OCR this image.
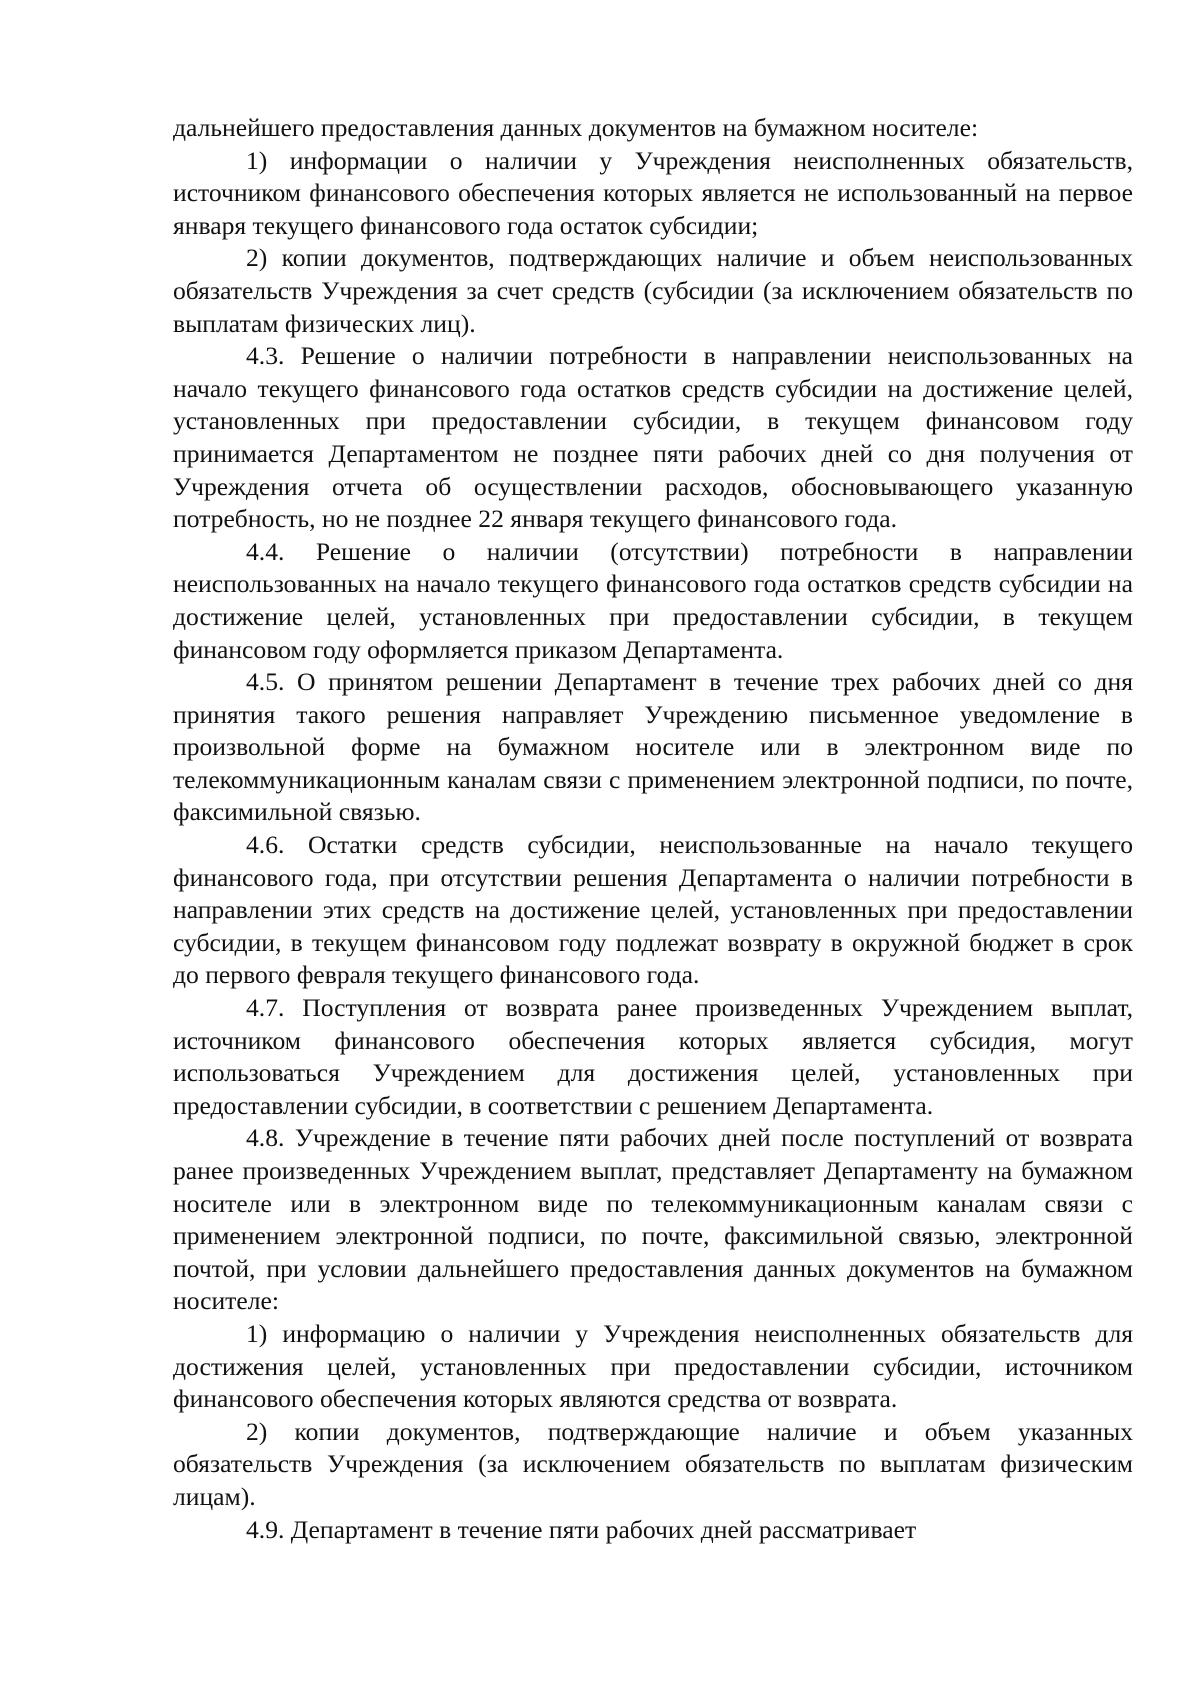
дальнейшего предоставления данных документов на бумажном носителе:

1) информации о наличии у Учреждения неисполненных обязательств, источником финансового обеспечения которых является не использованный на первое января текущего финансового года остаток субсидии;

2) копии документов, подтверждающих наличие и объем неиспользованных обязательств Учреждения за счет средств (субсидии (за исключением обязательств по выплатам физических лиц).

4.3. Решение о наличии потребности в направлении неиспользованных на начало текущего финансового года остатков средств субсидии на достижение целей, установленных при предоставлении субсидии, в текущем финансовом году принимается Департаментом не позднее пяти рабочих дней со дня получения от Учреждения отчета об осуществлении расходов, обосновывающего указанную потребность, но не позднее 22 января текущего финансового года.

4.4. Решение о наличии (отсутствии) потребности в направлении неиспользованных на начало текущего финансового года остатков средств субсидии на достижение целей, установленных при предоставлении субсидии, в текущем финансовом году оформляется приказом Департамента.

4.5. О принятом решении Департамент в течение трех рабочих дней со дня принятия такого решения направляет Учреждению письменное уведомление в произвольной форме на бумажном носителе или в электронном виде по телекоммуникационным каналам связи с применением электронной подписи, по почте, факсимильной связью.

4.6. Остатки средств субсидии, неиспользованные на начало текущего финансового года, при отсутствии решения Департамента о наличии потребности в направлении этих средств на достижение целей, установленных при предоставлении субсидии, в текущем финансовом году подлежат возврату в окружной бюджет в срок до первого февраля текущего финансового года.

4.7. Поступления от возврата ранее произведенных Учреждением выплат, источником финансового обеспечения которых является субсидия, могут использоваться Учреждением для достижения целей, установленных при предоставлении субсидии, в соответствии с решением Департамента.

4.8. Учреждение в течение пяти рабочих дней после поступлений от возврата ранее произведенных Учреждением выплат, представляет Департаменту на бумажном носителе или в электронном виде по телекоммуникационным каналам связи с применением электронной подписи, по почте, факсимильной связью, электронной почтой, при условии дальнейшего предоставления данных документов на бумажном носителе:

1) информацию о наличии у Учреждения неисполненных обязательств для достижения целей, установленных при предоставлении субсидии, источником финансового обеспечения которых являются средства от возврата.

2) копии документов, подтверждающие наличие и объем указанных обязательств Учреждения (за исключением обязательств по выплатам физическим лицам).

4.9. Департамент в течение пяти рабочих дней рассматривает
